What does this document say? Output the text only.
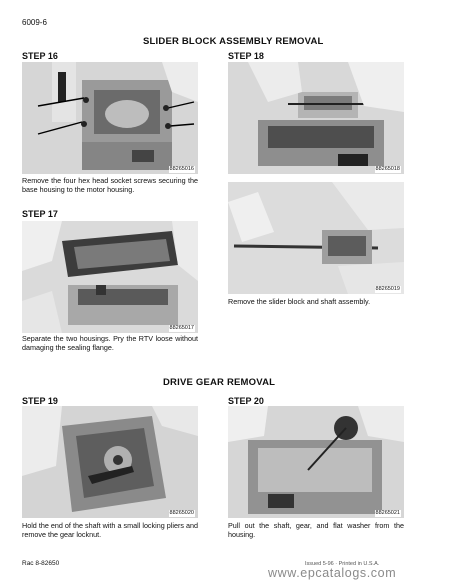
6009-6
SLIDER BLOCK ASSEMBLY REMOVAL
STEP 16
88265016
Remove the four hex head socket screws securing the base housing to the motor housing.
STEP 17
88265017
Separate the two housings. Pry the RTV loose without damaging the sealing flange.
STEP 18
88265018
88265019
Remove the slider block and shaft assembly.
DRIVE GEAR REMOVAL
STEP 19
88265020
Hold the end of the shaft with a small locking pliers and remove the gear locknut.
STEP 20
88265021
Pull out the shaft, gear, and flat washer from the housing.
Rac 8-82650	Issued 5-96 · Printed in U.S.A.
www.epcatalogs.com
